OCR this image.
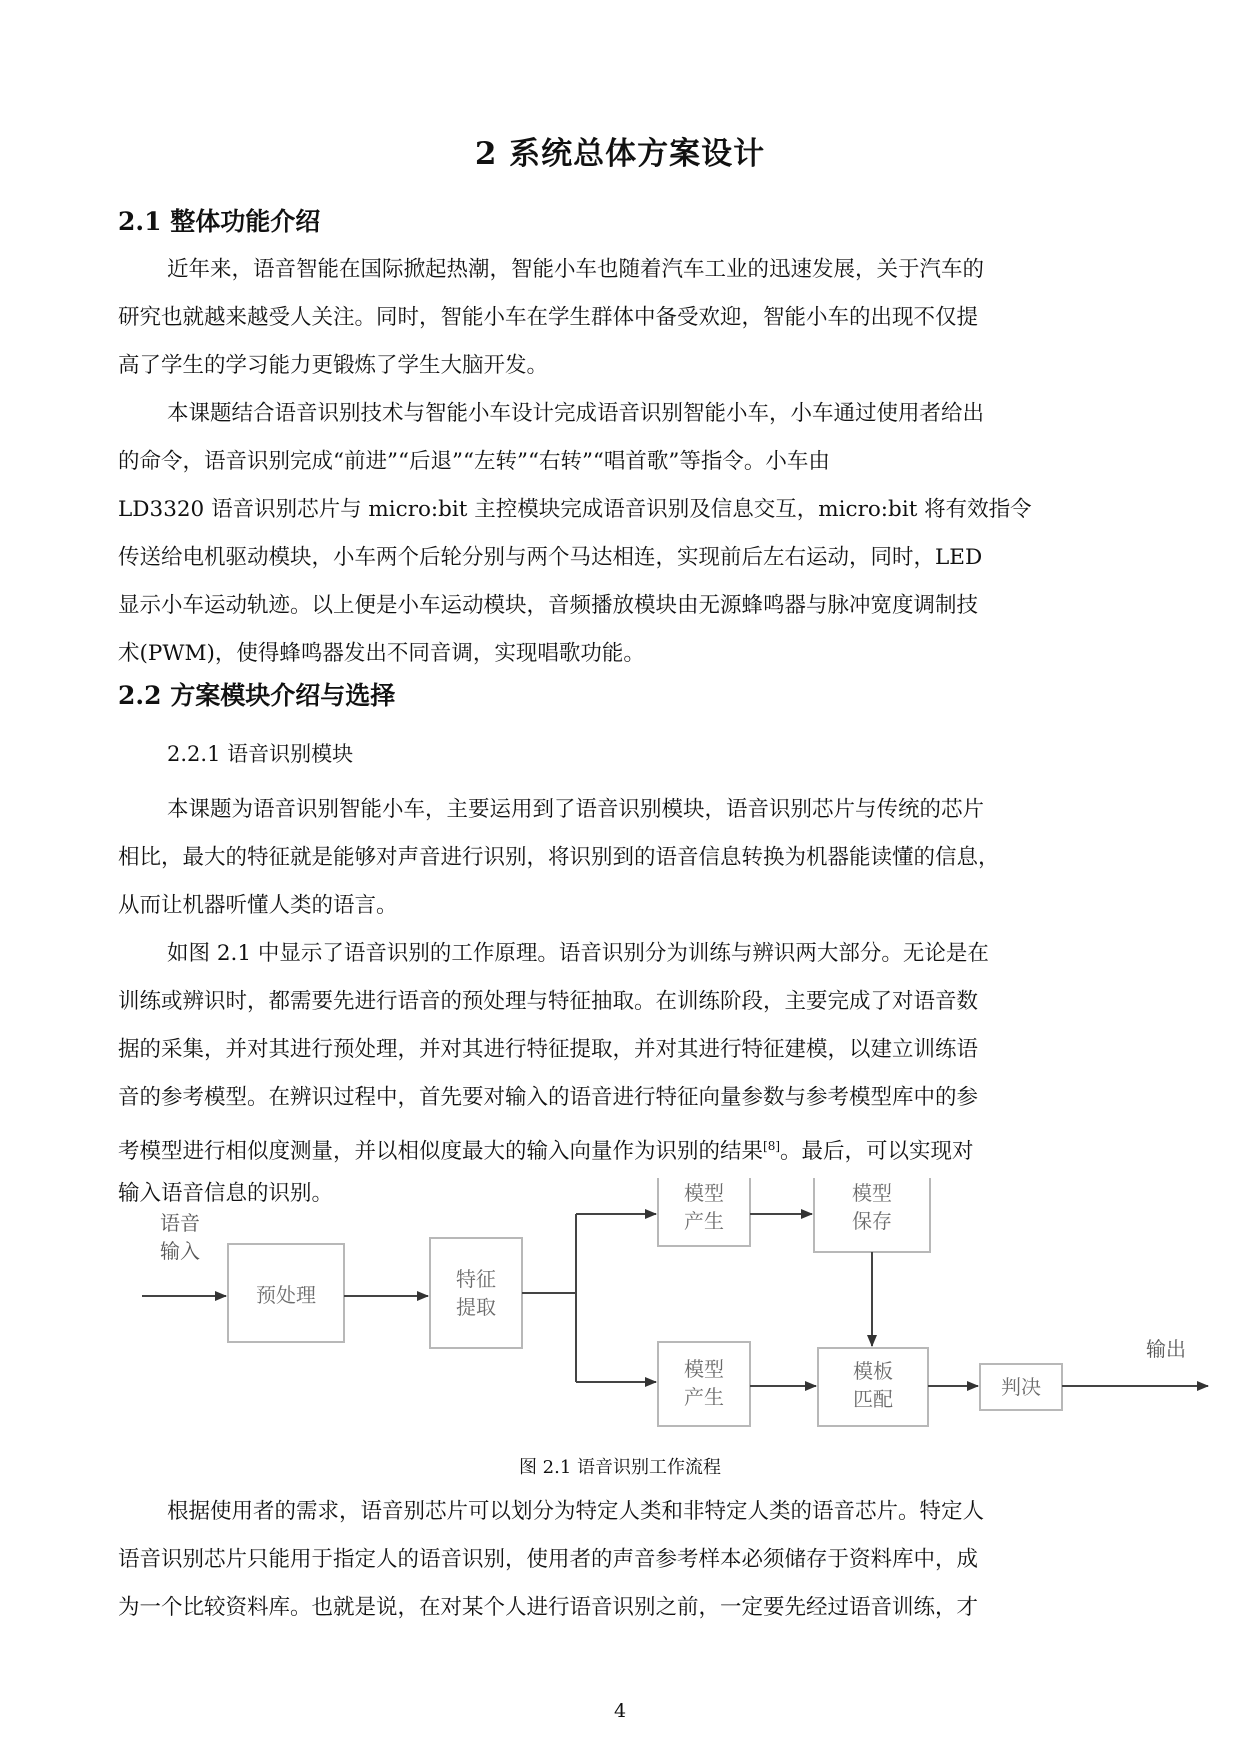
2 系统总体方案设计
2.1 整体功能介绍
近年来，语音智能在国际掀起热潮，智能小车也随着汽车工业的迅速发展，关于汽车的
研究也就越来越受人关注。同时，智能小车在学生群体中备受欢迎，智能小车的出现不仅提
高了学生的学习能力更锻炼了学生大脑开发。
本课题结合语音识别技术与智能小车设计完成语音识别智能小车，小车通过使用者给出
的命令，语音识别完成“前进”“后退”“左转”“右转”“唱首歌”等指令。小车由
LD3320 语音识别芯片与 micro:bit 主控模块完成语音识别及信息交互，micro:bit 将有效指令
传送给电机驱动模块，小车两个后轮分别与两个马达相连，实现前后左右运动，同时，LED
显示小车运动轨迹。以上便是小车运动模块，音频播放模块由无源蜂鸣器与脉冲宽度调制技
术(PWM)，使得蜂鸣器发出不同音调，实现唱歌功能。
2.2 方案模块介绍与选择
2.2.1 语音识别模块
本课题为语音识别智能小车，主要运用到了语音识别模块，语音识别芯片与传统的芯片
相比，最大的特征就是能够对声音进行识别，将识别到的语音信息转换为机器能读懂的信息，
从而让机器听懂人类的语言。
如图 2.1 中显示了语音识别的工作原理。语音识别分为训练与辨识两大部分。无论是在
训练或辨识时，都需要先进行语音的预处理与特征抽取。在训练阶段，主要完成了对语音数
据的采集，并对其进行预处理，并对其进行特征提取，并对其进行特征建模，以建立训练语
音的参考模型。在辨识过程中，首先要对输入的语音进行特征向量参数与参考模型库中的参
考模型进行相似度测量，并以相似度最大的输入向量作为识别的结果[8]。最后，可以实现对
输入语音信息的识别。
语音
输入
预处理
特征
提取
模型
产生
模型
保存
模型
产生
模板
匹配	判决
输出
图 2.1 语音识别工作流程
根据使用者的需求，语音别芯片可以划分为特定人类和非特定人类的语音芯片。特定人
语音识别芯片只能用于指定人的语音识别，使用者的声音参考样本必须储存于资料库中，成
为一个比较资料库。也就是说，在对某个人进行语音识别之前，一定要先经过语音训练，才
4
